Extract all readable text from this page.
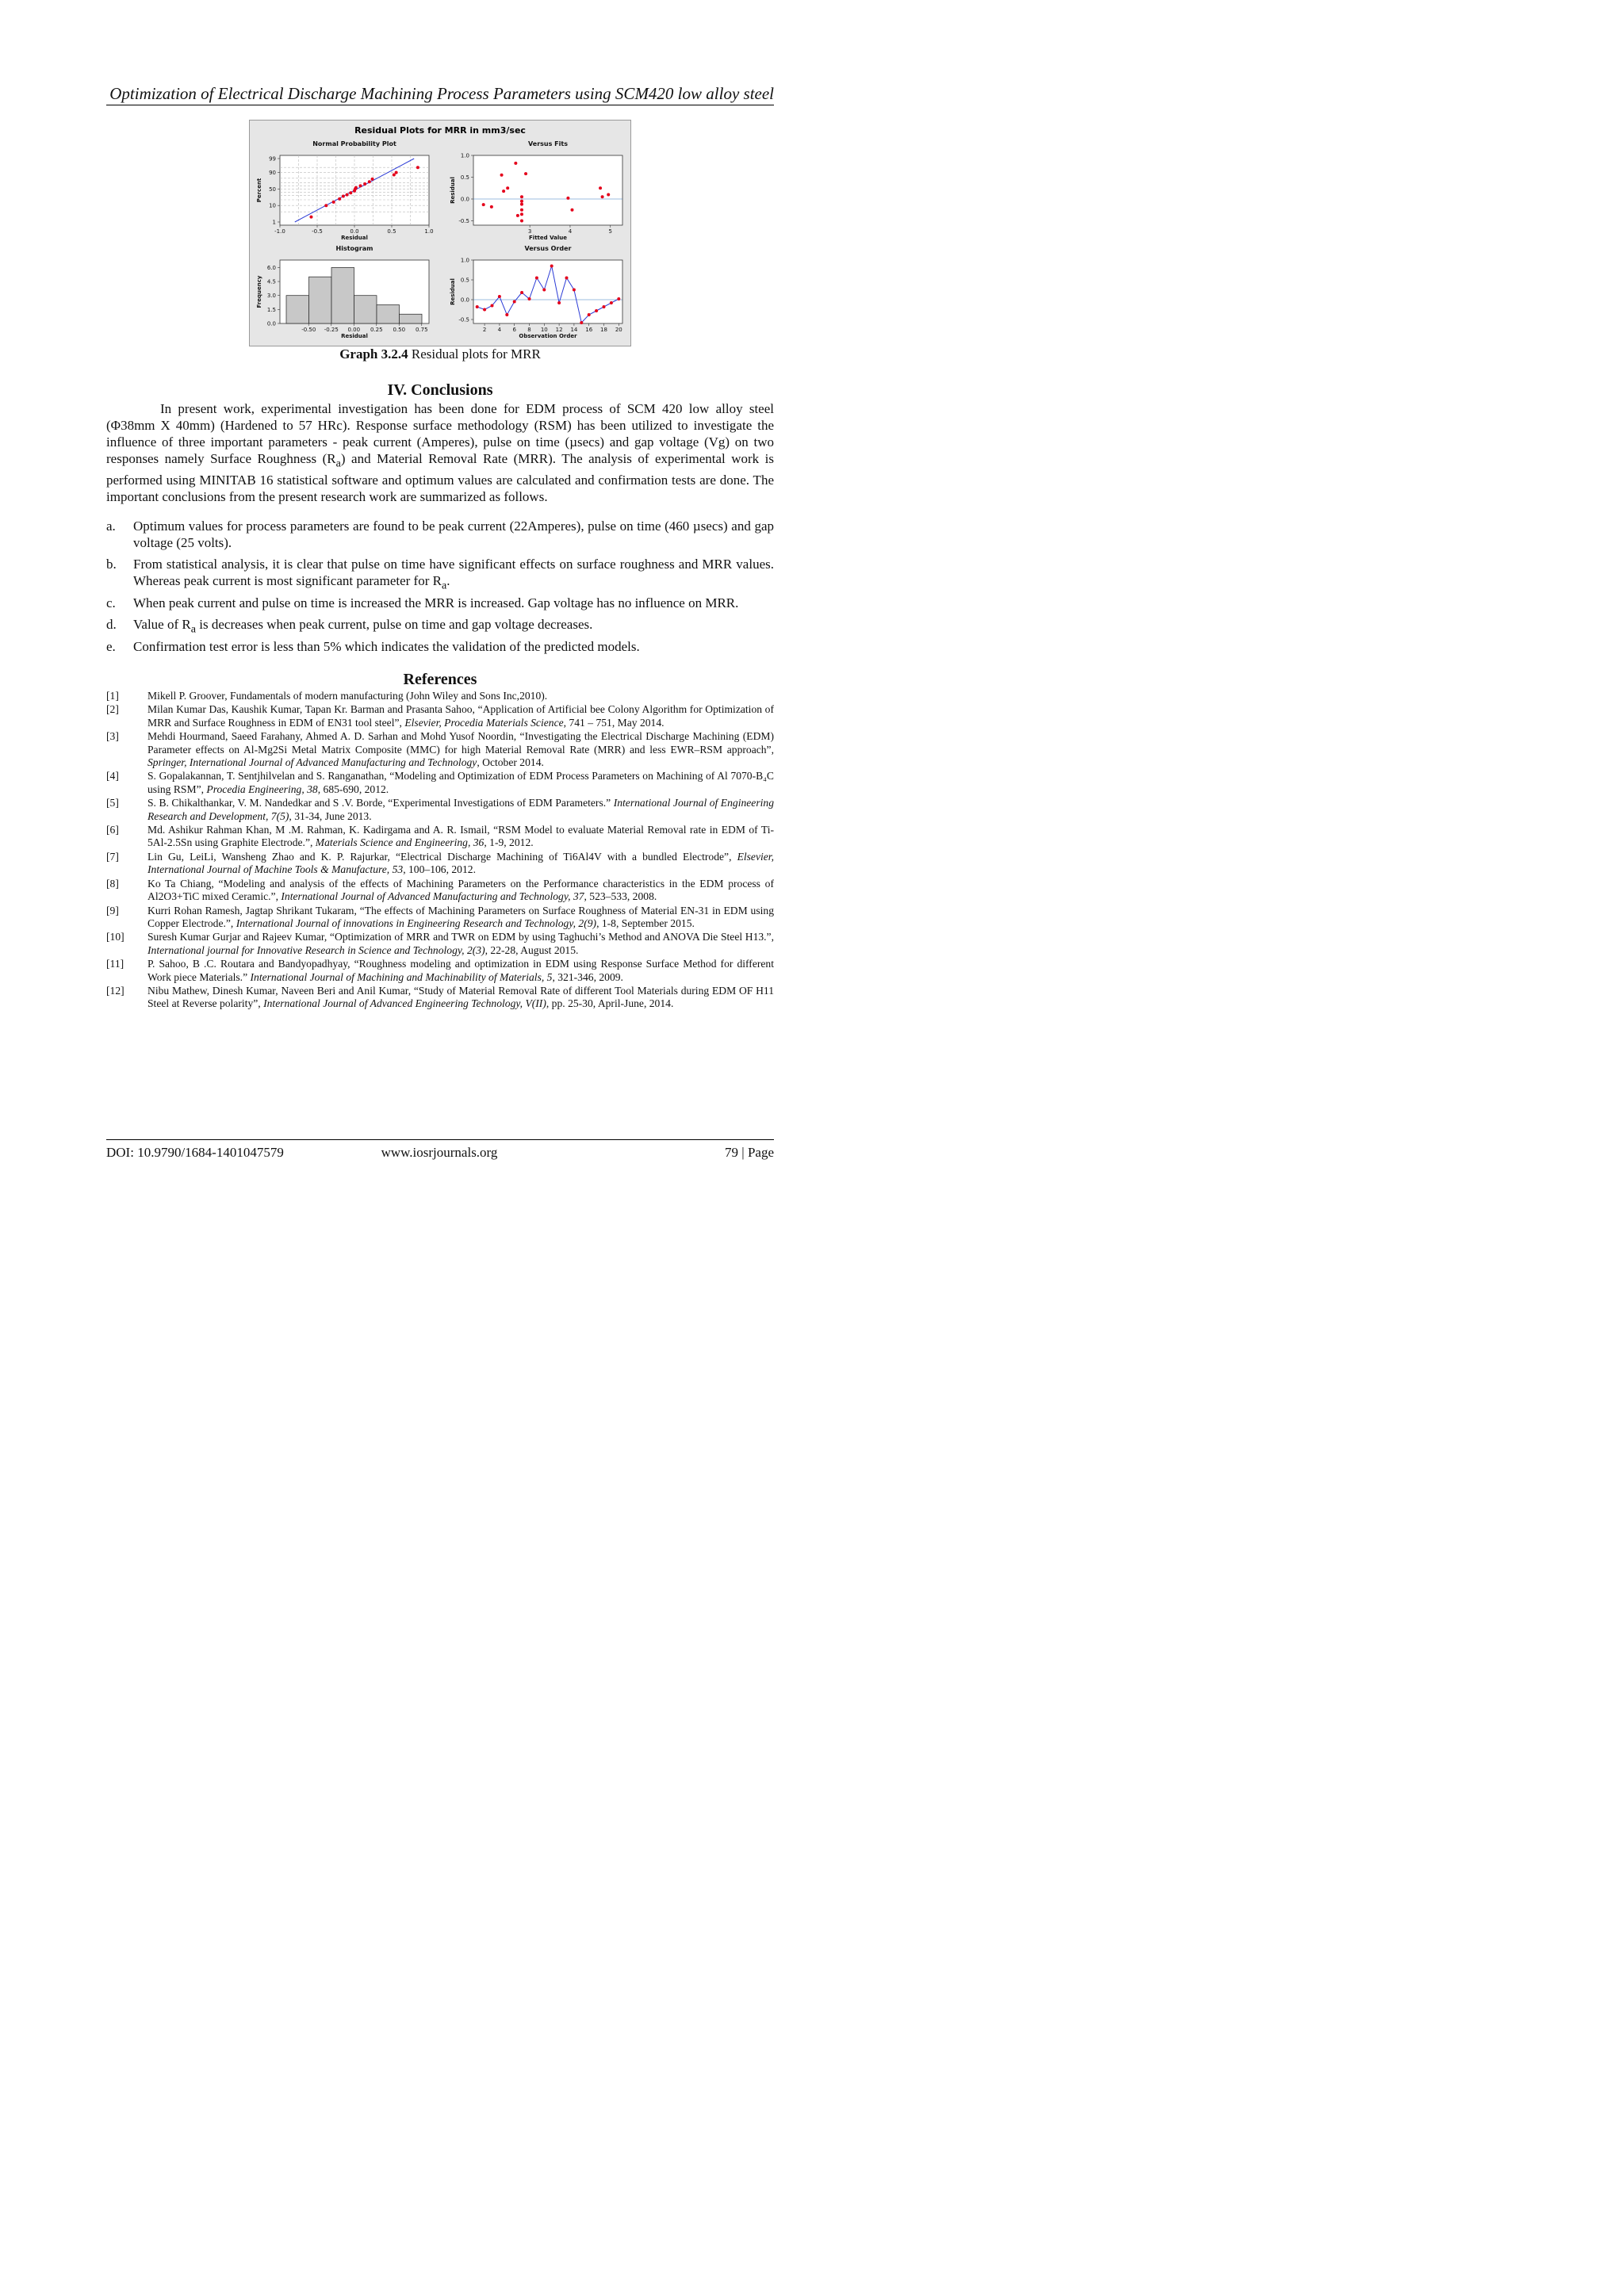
Optimization of Electrical Discharge Machining Process Parameters using SCM420 low alloy steel
Residual Plots for MRR in mm3/sec
Normal Probability Plot
Residual
Percent
-1.0	-0.5	0.0	0.5	1.0
1
10
50
90
99
Versus Fits
Fitted Value
Residual
3	4	5
1.0
0.5
0.0
-0.5
Histogram
Residual
Frequency
-0.50 -0.25 0.00 0.25 0.50 0.75
0.0
1.5
3.0
4.5
6.0
Versus Order
Observation Order
Residual
2 4 6 8 10 12 14 16 18 20
1.0
0.5
0.0
-0.5
Graph 3.2.4 Residual plots for MRR
IV. Conclusions
In present work, experimental investigation has been done for EDM process of SCM 420 low alloy steel (Φ38mm X 40mm) (Hardened to 57 HRc). Response surface methodology (RSM) has been utilized to investigate the influence of three important parameters - peak current (Amperes), pulse on time (µsecs) and gap voltage (Vg) on two responses namely Surface Roughness $(R_a)$ and Material Removal Rate (MRR). The analysis of experimental work is performed using MINITAB 16 statistical software and optimum values are calculated and confirmation tests are done. The important conclusions from the present research work are summarized as follows.
a. Optimum values for process parameters are found to be peak current (22Amperes), pulse on time (460 µsecs) and gap voltage (25 volts).
b. From statistical analysis, it is clear that pulse on time have significant effects on surface roughness and MRR values. Whereas peak current is most significant parameter for $R_a$.
c. When peak current and pulse on time is increased the MRR is increased. Gap voltage has no influence on MRR.
d. Value of $R_a$ is decreases when peak current, pulse on time and gap voltage decreases.
e. Confirmation test error is less than 5% which indicates the validation of the predicted models.
References
[1]	Mikell P. Groover, Fundamentals of modern manufacturing (John Wiley and Sons Inc,2010).
[2]	Milan Kumar Das, Kaushik Kumar, Tapan Kr. Barman and Prasanta Sahoo, “Application of Artificial bee Colony Algorithm for Optimization of MRR and Surface Roughness in EDM of EN31 tool steel”, Elsevier, Procedia Materials Science, 741 – 751, May 2014.
[3]	Mehdi Hourmand, Saeed Farahany, Ahmed A. D. Sarhan and Mohd Yusof Noordin, “Investigating the Electrical Discharge Machining (EDM) Parameter effects on Al-Mg2Si Metal Matrix Composite (MMC) for high Material Removal Rate (MRR) and less EWR–RSM approach”, Springer, International Journal of Advanced Manufacturing and Technology, October 2014.
[4]	S. Gopalakannan, T. Sentjhilvelan and S. Ranganathan, “Modeling and Optimization of EDM Process Parameters on Machining of Al 7070-B₄C using RSM”, Procedia Engineering, 38, 685-690, 2012.
[5]	S. B. Chikalthankar, V. M. Nandedkar and S .V. Borde, “Experimental Investigations of EDM Parameters.” International Journal of Engineering Research and Development, 7(5), 31-34, June 2013.
[6]	Md. Ashikur Rahman Khan, M .M. Rahman, K. Kadirgama and A. R. Ismail, “RSM Model to evaluate Material Removal rate in EDM of Ti-5Al-2.5Sn using Graphite Electrode.”, Materials Science and Engineering, 36, 1-9, 2012.
[7]	Lin Gu, LeiLi, Wansheng Zhao and K. P. Rajurkar, “Electrical Discharge Machining of Ti6Al4V with a bundled Electrode”, Elsevier, International Journal of Machine Tools & Manufacture, 53, 100–106, 2012.
[8]	Ko Ta Chiang, “Modeling and analysis of the effects of Machining Parameters on the Performance characteristics in the EDM process of Al2O3+TiC mixed Ceramic.”, International Journal of Advanced Manufacturing and Technology, 37, 523–533, 2008.
[9]	Kurri Rohan Ramesh, Jagtap Shrikant Tukaram, “The effects of Machining Parameters on Surface Roughness of Material EN-31 in EDM using Copper Electrode.”, International Journal of innovations in Engineering Research and Technology, 2(9), 1-8, September 2015.
[10] Suresh Kumar Gurjar and Rajeev Kumar, “Optimization of MRR and TWR on EDM by using Taghuchi’s Method and ANOVA Die Steel H13.”, International journal for Innovative Research in Science and Technology, 2(3), 22-28, August 2015.
[11] P. Sahoo, B .C. Routara and Bandyopadhyay, “Roughness modeling and optimization in EDM using Response Surface Method for different Work piece Materials.” International Journal of Machining and Machinability of Materials, 5, 321-346, 2009.
[12] Nibu Mathew, Dinesh Kumar, Naveen Beri and Anil Kumar, “Study of Material Removal Rate of different Tool Materials during EDM OF H11 Steel at Reverse polarity”, International Journal of Advanced Engineering Technology, V(II), pp. 25-30, April-June, 2014.
DOI: 10.9790/1684-1401047579	www.iosrjournals.org	79 | Page
